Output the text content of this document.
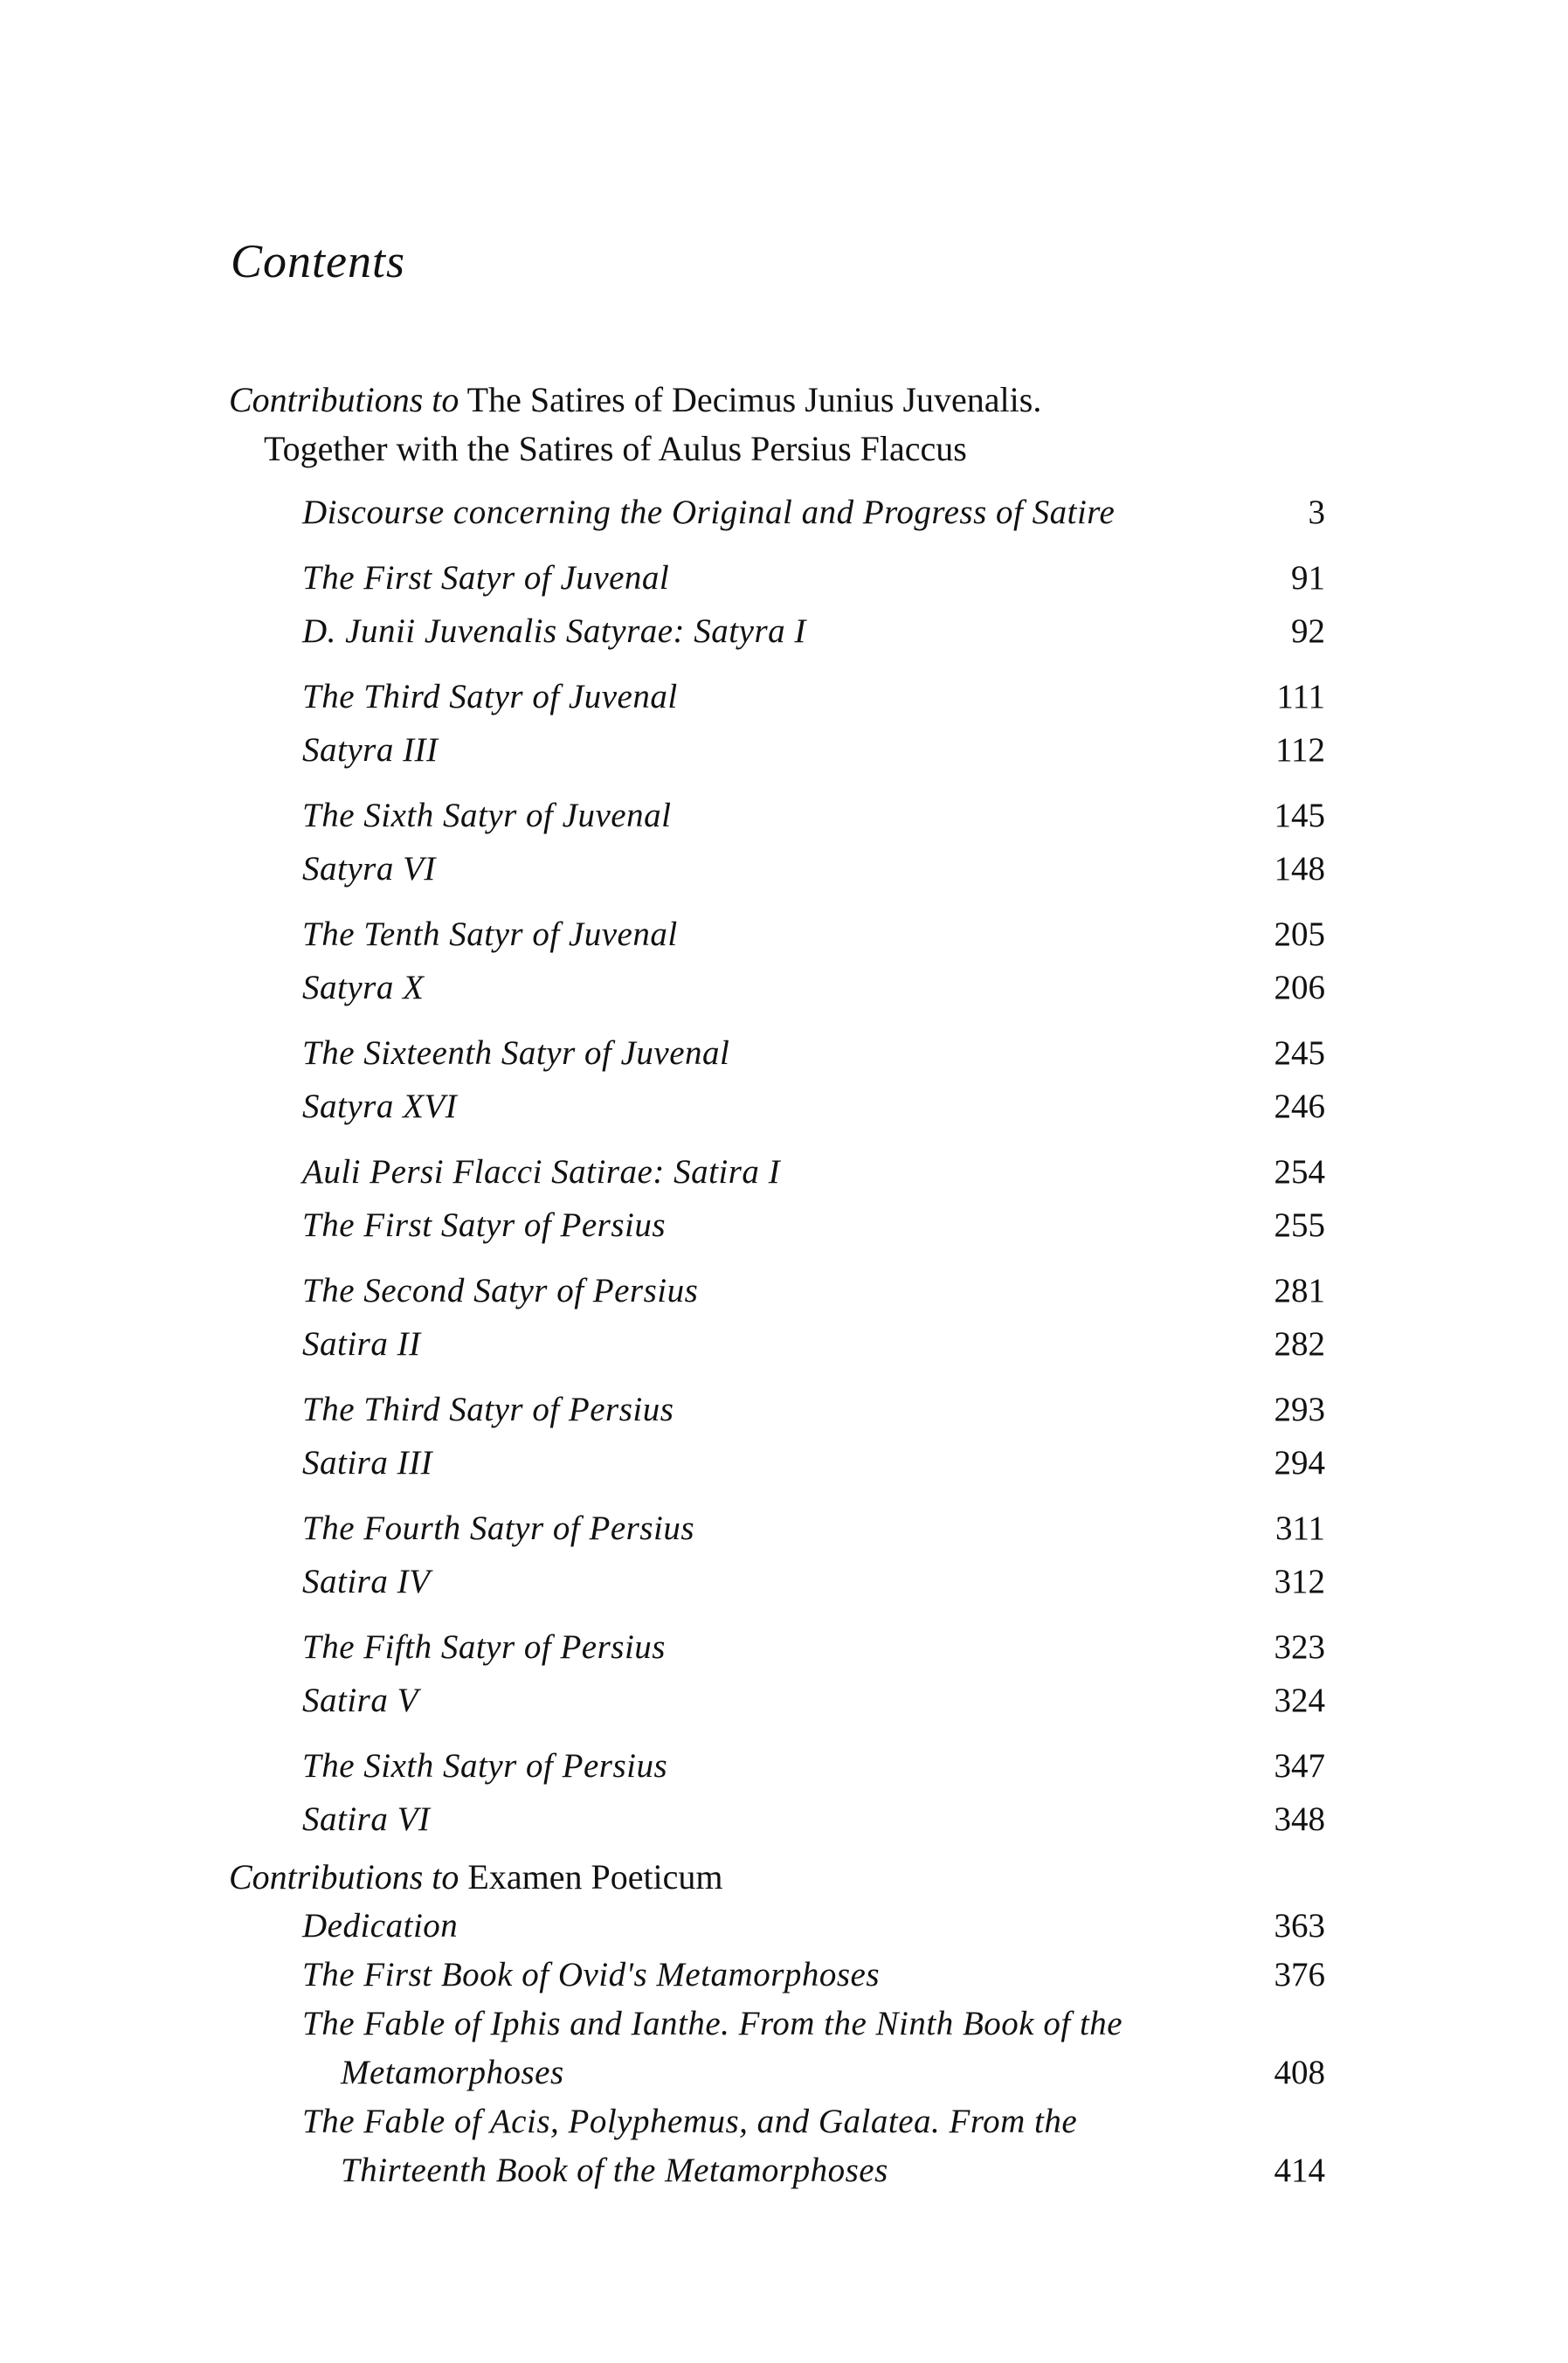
Contents
Contributions to The Satires of Decimus Junius Juvenalis.
Together with the Satires of Aulus Persius Flaccus
Discourse concerning the Original and Progress of Satire	3
The First Satyr of Juvenal	91
D. Junii Juvenalis Satyrae: Satyra I	92
The Third Satyr of Juvenal	111
Satyra III	112
The Sixth Satyr of Juvenal	145
Satyra VI	148
The Tenth Satyr of Juvenal	205
Satyra X	206
The Sixteenth Satyr of Juvenal	245
Satyra XVI	246
Auli Persi Flacci Satirae: Satira I	254
The First Satyr of Persius	255
The Second Satyr of Persius	281
Satira II	282
The Third Satyr of Persius	293
Satira III	294
The Fourth Satyr of Persius	311
Satira IV	312
The Fifth Satyr of Persius	323
Satira V	324
The Sixth Satyr of Persius	347
Satira VI	348
Contributions to Examen Poeticum
Dedication	363
The First Book of Ovid's Metamorphoses	376
The Fable of Iphis and Ianthe. From the Ninth Book of the
Metamorphoses	408
The Fable of Acis, Polyphemus, and Galatea. From the
Thirteenth Book of the Metamorphoses	414
